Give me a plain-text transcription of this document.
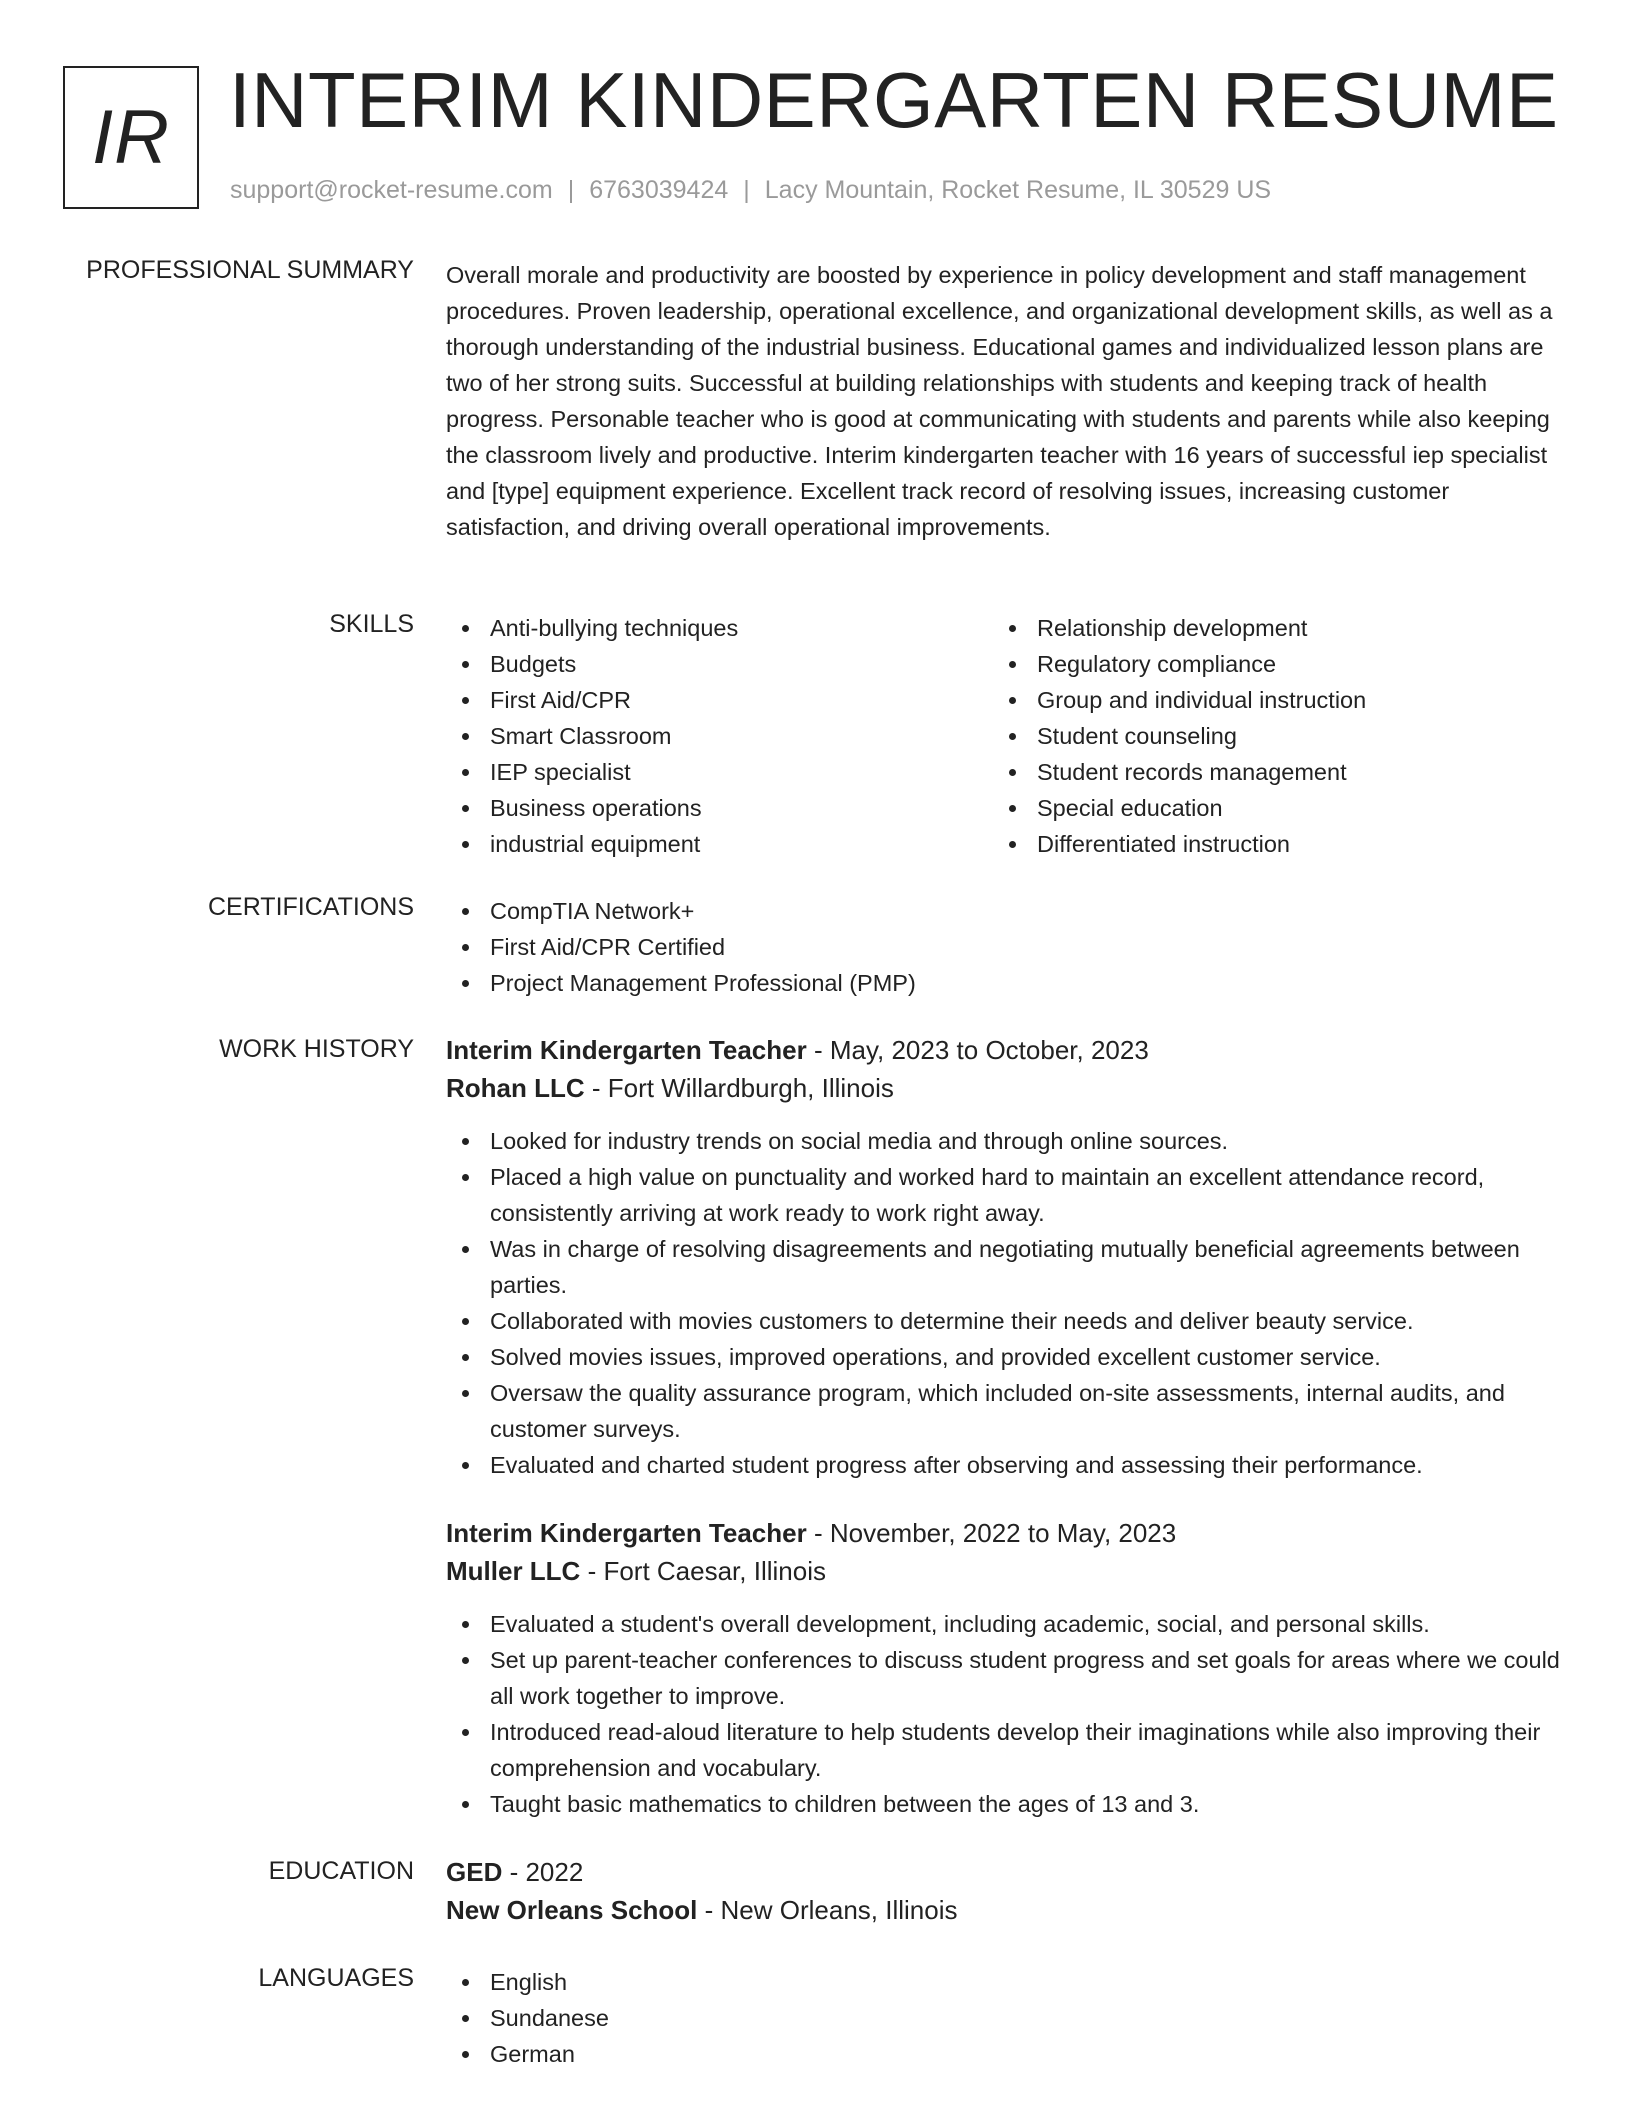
IR INTERIM KINDERGARTEN RESUME
support@rocket-resume.com | 6763039424 | Lacy Mountain, Rocket Resume, IL 30529 US
PROFESSIONAL SUMMARY Overall morale and productivity are boosted by experience in policy development and staff management procedures. Proven leadership, operational excellence, and organizational development skills, as well as a thorough understanding of the industrial business. Educational games and individualized lesson plans are two of her strong suits. Successful at building relationships with students and keeping track of health progress. Personable teacher who is good at communicating with students and parents while also keeping the classroom lively and productive. Interim kindergarten teacher with 16 years of successful iep specialist and [type] equipment experience. Excellent track record of resolving issues, increasing customer satisfaction, and driving overall operational improvements.
SKILLS	Anti-bullying techniques
Budgets
First Aid/CPR
Smart Classroom
IEP specialist
Business operations
industrial equipment
Relationship development
Regulatory compliance
Group and individual instruction
Student counseling
Student records management
Special education
Differentiated instruction
CERTIFICATIONS	CompTIA Network+
First Aid/CPR Certified
Project Management Professional (PMP)
WORK HISTORY Interim Kindergarten Teacher - May, 2023 to October, 2023
Rohan LLC - Fort Willardburgh, Illinois
Looked for industry trends on social media and through online sources.
Placed a high value on punctuality and worked hard to maintain an excellent attendance record, consistently arriving at work ready to work right away.
Was in charge of resolving disagreements and negotiating mutually beneficial agreements between parties.
Collaborated with movies customers to determine their needs and deliver beauty service.
Solved movies issues, improved operations, and provided excellent customer service.
Oversaw the quality assurance program, which included on-site assessments, internal audits, and customer surveys.
Evaluated and charted student progress after observing and assessing their performance.
Interim Kindergarten Teacher - November, 2022 to May, 2023
Muller LLC - Fort Caesar, Illinois
Evaluated a student's overall development, including academic, social, and personal skills.
Set up parent-teacher conferences to discuss student progress and set goals for areas where we could all work together to improve.
Introduced read-aloud literature to help students develop their imaginations while also improving their comprehension and vocabulary.
Taught basic mathematics to children between the ages of 13 and 3.
EDUCATION GED - 2022
New Orleans School - New Orleans, Illinois
LANGUAGES	English
Sundanese
German
